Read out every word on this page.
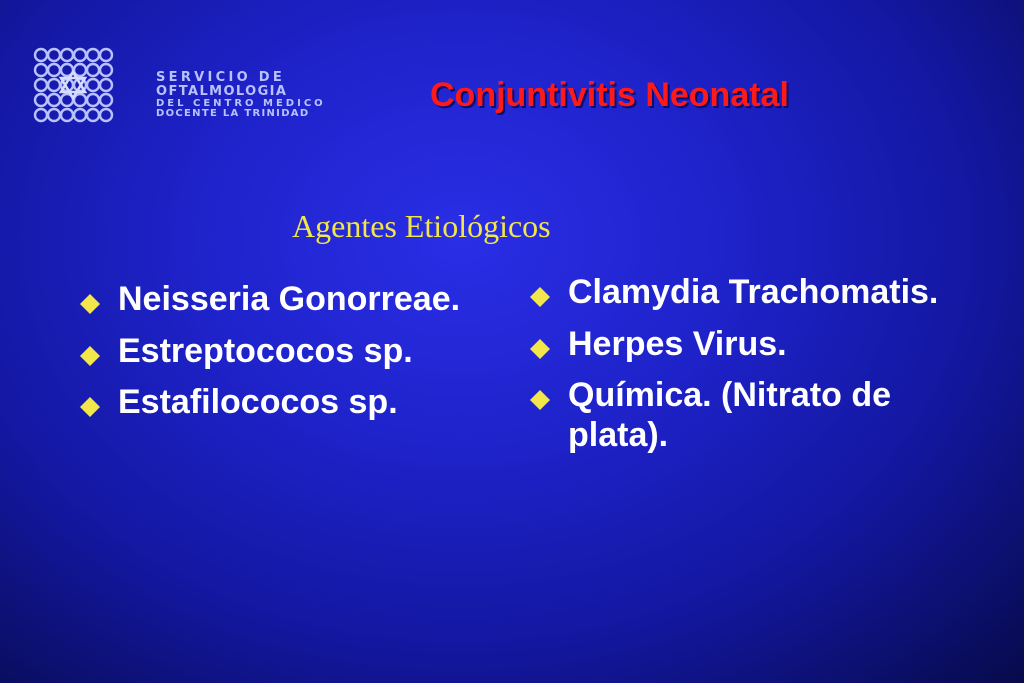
SERVICIO DE
OFTALMOLOGIA
DEL CENTRO MEDICO
DOCENTE LA TRINIDAD	Conjuntivitis Neonatal
Agentes Etiológicos
Neisseria Gonorreae.
Estreptococos sp.
Estafilococos sp.
Clamydia Trachomatis.
Herpes Virus.
Química. (Nitrato de plata).
